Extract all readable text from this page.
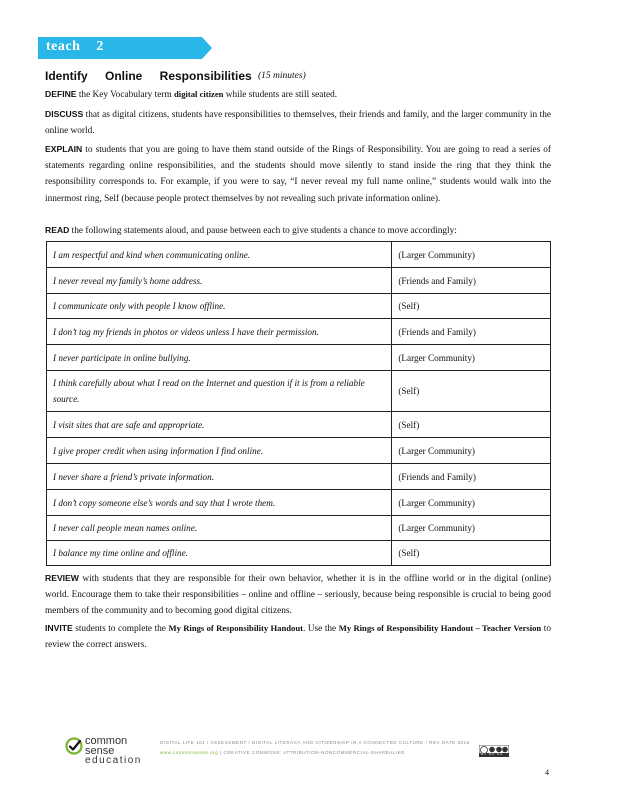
teach    2
Identify Online Responsibilities (15 minutes)
DEFINE the Key Vocabulary term digital citizen while students are still seated.
DISCUSS that as digital citizens, students have responsibilities to themselves, their friends and family, and the larger community in the online world.
EXPLAIN to students that you are going to have them stand outside of the Rings of Responsibility. You are going to read a series of statements regarding online responsibilities, and the students should move silently to stand inside the ring that they think the responsibility corresponds to. For example, if you were to say, “I never reveal my full name online,” students would walk into the innermost ring, Self (because people protect themselves by not revealing such private information online).
READ the following statements aloud, and pause between each to give students a chance to move accordingly:
I am respectful and kind when communicating online.	(Larger Community)
I never reveal my family’s home address.	(Friends and Family)
I communicate only with people I know offline.	(Self)
I don’t tag my friends in photos or videos unless I have their permission.	(Friends and Family)
I never participate in online bullying.	(Larger Community)
I think carefully about what I read on the Internet and question if it is from a reliable source.	(Self)
I visit sites that are safe and appropriate.	(Self)
I give proper credit when using information I find online.	(Larger Community)
I never share a friend’s private information.	(Friends and Family)
I don’t copy someone else’s words and say that I wrote them.	(Larger Community)
I never call people mean names online.	(Larger Community)
I balance my time online and offline.	(Self)
REVIEW with students that they are responsible for their own behavior, whether it is in the offline world or in the digital (online) world. Encourage them to take their responsibilities – online and offline – seriously, because being responsible is crucial to being good members of the community and to becoming good digital citizens.
INVITE students to complete the My Rings of Responsibility Handout. Use the My Rings of Responsibility Handout – Teacher Version to review the correct answers.
common
sense
education
DIGITAL LIFE 101 / ASSESSMENT / DIGITAL LITERACY AND CITIZENSHIP IN A CONNECTED CULTURE / REV DATE 2015
www.commonsense.org | CREATIVE COMMONS: ATTRIBUTION-NONCOMMERCIAL-SHAREALIKE	BY NC SA
4
